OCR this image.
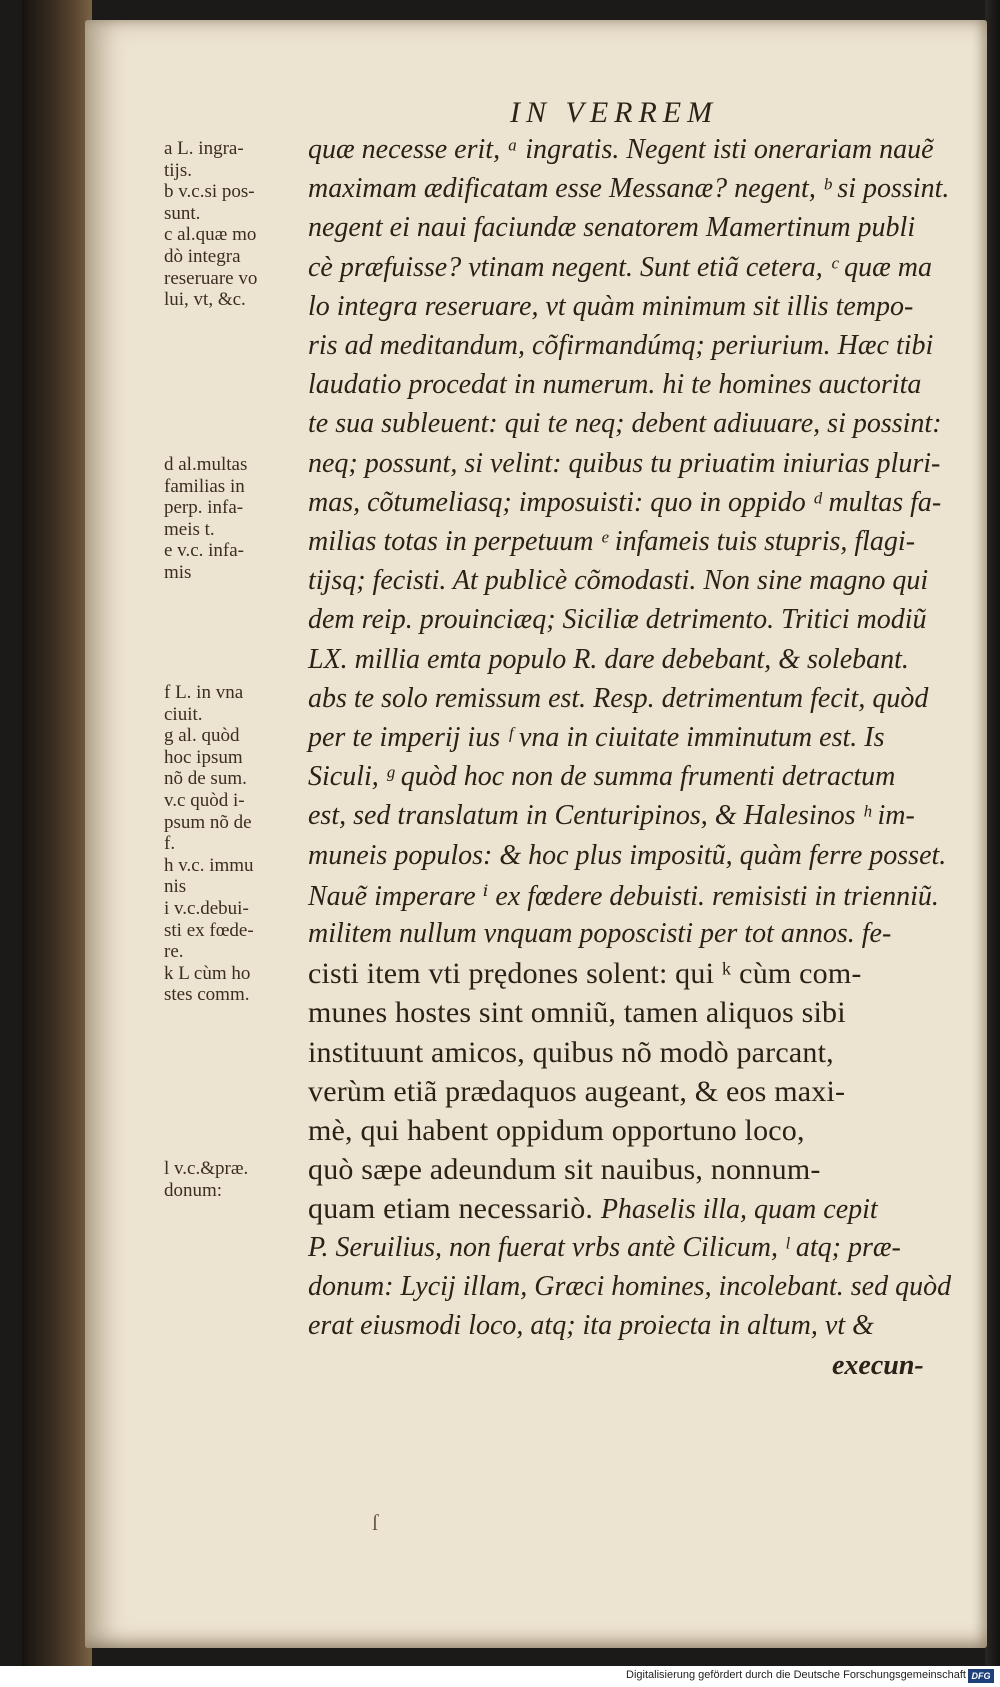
IN VERREM
a L. ingra-
tijs.
b v.c.si pos-
sunt.
c al.quæ mo
dò integra
reseruare vo
lui, vt, &c.
d al.multas
familias in
perp. infa-
meis t.
e v.c. infa-
mis
f L. in vna
ciuit.
g al. quòd
hoc ipsum
nõ de sum.
v.c quòd i-
psum nõ de
f.
h v.c. immu
nis
i v.c.debui-
sti ex fœde-
re.
k L cùm ho
stes comm.
l v.c.&præ.
donum:
quæ necesse erit, ᵃ ingratis. Negent isti onerariam nauẽ
maximam ædificatam esse Messanæ? negent, ᵇ si possint.
negent ei naui faciundæ senatorem Mamertinum publi
cè præfuisse? vtinam negent. Sunt etiã cetera, ᶜ quæ ma
lo integra reseruare, vt quàm minimum sit illis tempo-
ris ad meditandum, cõfirmandúmq; periurium. Hæc tibi
laudatio procedat in numerum. hi te homines auctorita
te sua subleuent: qui te neq; debent adiuuare, si possint:
neq; possunt, si velint: quibus tu priuatim iniurias pluri-
mas, cõtumeliasq; imposuisti: quo in oppido ᵈ multas fa-
milias totas in perpetuum ᵉ infameis tuis stupris, flagi-
tijsq; fecisti. At publicè cõmodasti. Non sine magno qui
dem reip. prouinciæq; Siciliæ detrimento. Tritici modiũ
LX. millia emta populo R. dare debebant, & solebant.
abs te solo remissum est. Resp. detrimentum fecit, quòd
per te imperij ius ᶠ vna in ciuitate imminutum est. Is
Siculi, ᵍ quòd hoc non de summa frumenti detractum
est, sed translatum in Centuripinos, & Halesinos ʰ im-
muneis populos: & hoc plus impositũ, quàm ferre posset.
Nauẽ imperare ⁱ ex fœdere debuisti. remisisti in trienniũ.
militem nullum vnquam poposcisti per tot annos. fe-
cisti item vti prędones solent: qui ᵏ cùm com-
munes hostes sint omniũ, tamen aliquos sibi
instituunt amicos, quibus nõ modò parcant,
verùm etiã prædaquos augeant, & eos maxi-
mè, qui habent oppidum opportuno loco,
quò sæpe adeundum sit nauibus, nonnum-
quam etiam necessariò. Phaselis illa, quam cepit
P. Seruilius, non fuerat vrbs antè Cilicum, ˡ atq; præ-
donum: Lycij illam, Græci homines, incolebant. sed quòd
erat eiusmodi loco, atq; ita proiecta in altum, vt &
execun-
ſ
Digitalisierung gefördert durch die Deutsche Forschungsgemeinschaft DFG
